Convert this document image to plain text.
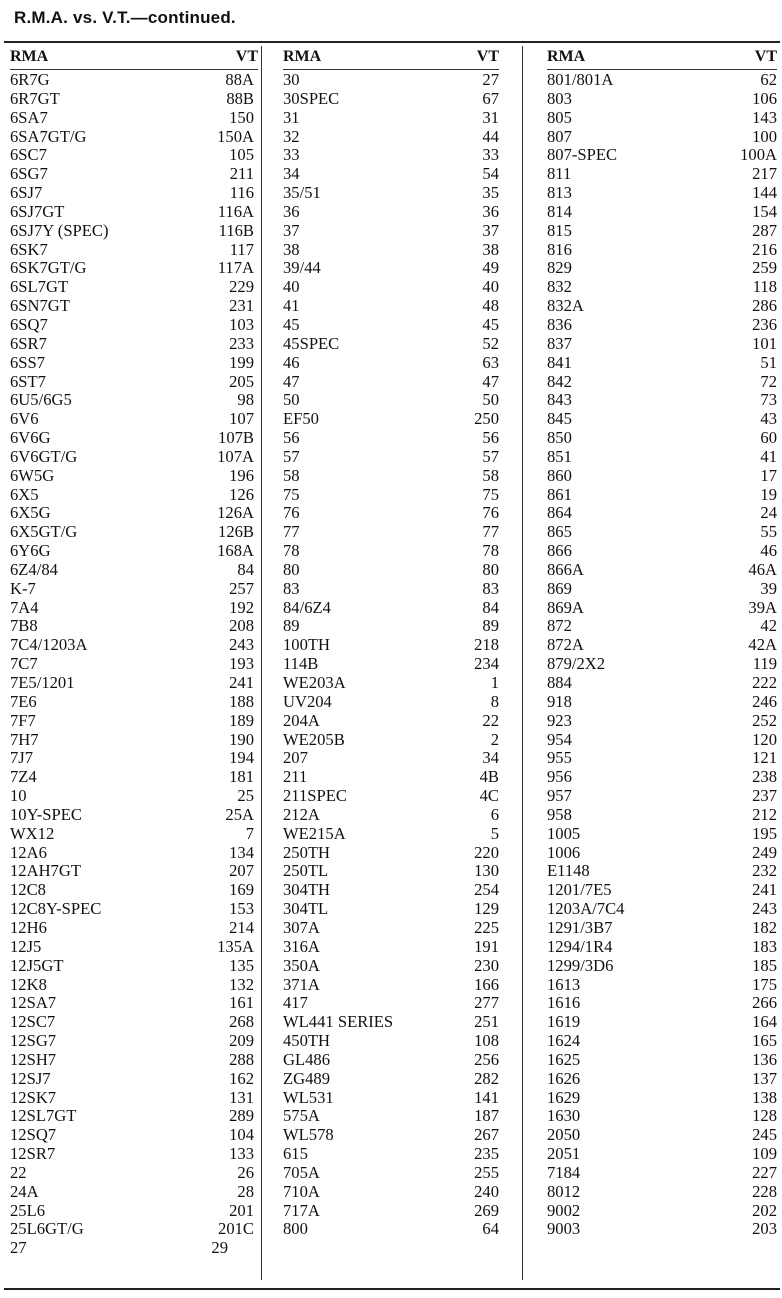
R.M.A. vs. V.T.—continued.
RMA	VT
6R7G	88A
6R7GT	88B
6SA7	150
6SA7GT/G	150A
6SC7	105
6SG7	211
6SJ7	116
6SJ7GT	116A
6SJ7Y (SPEC)	116B
6SK7	117
6SK7GT/G	117A
6SL7GT	229
6SN7GT	231
6SQ7	103
6SR7	233
6SS7	199
6ST7	205
6U5/6G5	98
6V6	107
6V6G	107B
6V6GT/G	107A
6W5G	196
6X5	126
6X5G	126A
6X5GT/G	126B
6Y6G	168A
6Z4/84	84
K-7	257
7A4	192
7B8	208
7C4/1203A	243
7C7	193
7E5/1201	241
7E6	188
7F7	189
7H7	190
7J7	194
7Z4	181
10	25
10Y-SPEC	25A
WX12	7
12A6	134
12AH7GT	207
12C8	169
12C8Y-SPEC	153
12H6	214
12J5	135A
12J5GT	135
12K8	132
12SA7	161
12SC7	268
12SG7	209
12SH7	288
12SJ7	162
12SK7	131
12SL7GT	289
12SQ7	104
12SR7	133
22	26
24A	28
25L6	201
25L6GT/G	201C
27	29
RMA	VT
30	27
30SPEC	67
31	31
32	44
33	33
34	54
35/51	35
36	36
37	37
38	38
39/44	49
40	40
41	48
45	45
45SPEC	52
46	63
47	47
50	50
EF50	250
56	56
57	57
58	58
75	75
76	76
77	77
78	78
80	80
83	83
84/6Z4	84
89	89
100TH	218
114B	234
WE203A	1
UV204	8
204A	22
WE205B	2
207	34
211	4B
211SPEC	4C
212A	6
WE215A	5
250TH	220
250TL	130
304TH	254
304TL	129
307A	225
316A	191
350A	230
371A	166
417	277
WL441 SERIES	251
450TH	108
GL486	256
ZG489	282
WL531	141
575A	187
WL578	267
615	235
705A	255
710A	240
717A	269
800	64
RMA	VT
801/801A	62
803	106
805	143
807	100
807-SPEC	100A
811	217
813	144
814	154
815	287
816	216
829	259
832	118
832A	286
836	236
837	101
841	51
842	72
843	73
845	43
850	60
851	41
860	17
861	19
864	24
865	55
866	46
866A	46A
869	39
869A	39A
872	42
872A	42A
879/2X2	119
884	222
918	246
923	252
954	120
955	121
956	238
957	237
958	212
1005	195
1006	249
E1148	232
1201/7E5	241
1203A/7C4	243
1291/3B7	182
1294/1R4	183
1299/3D6	185
1613	175
1616	266
1619	164
1624	165
1625	136
1626	137
1629	138
1630	128
2050	245
2051	109
7184	227
8012	228
9002	202
9003	203
